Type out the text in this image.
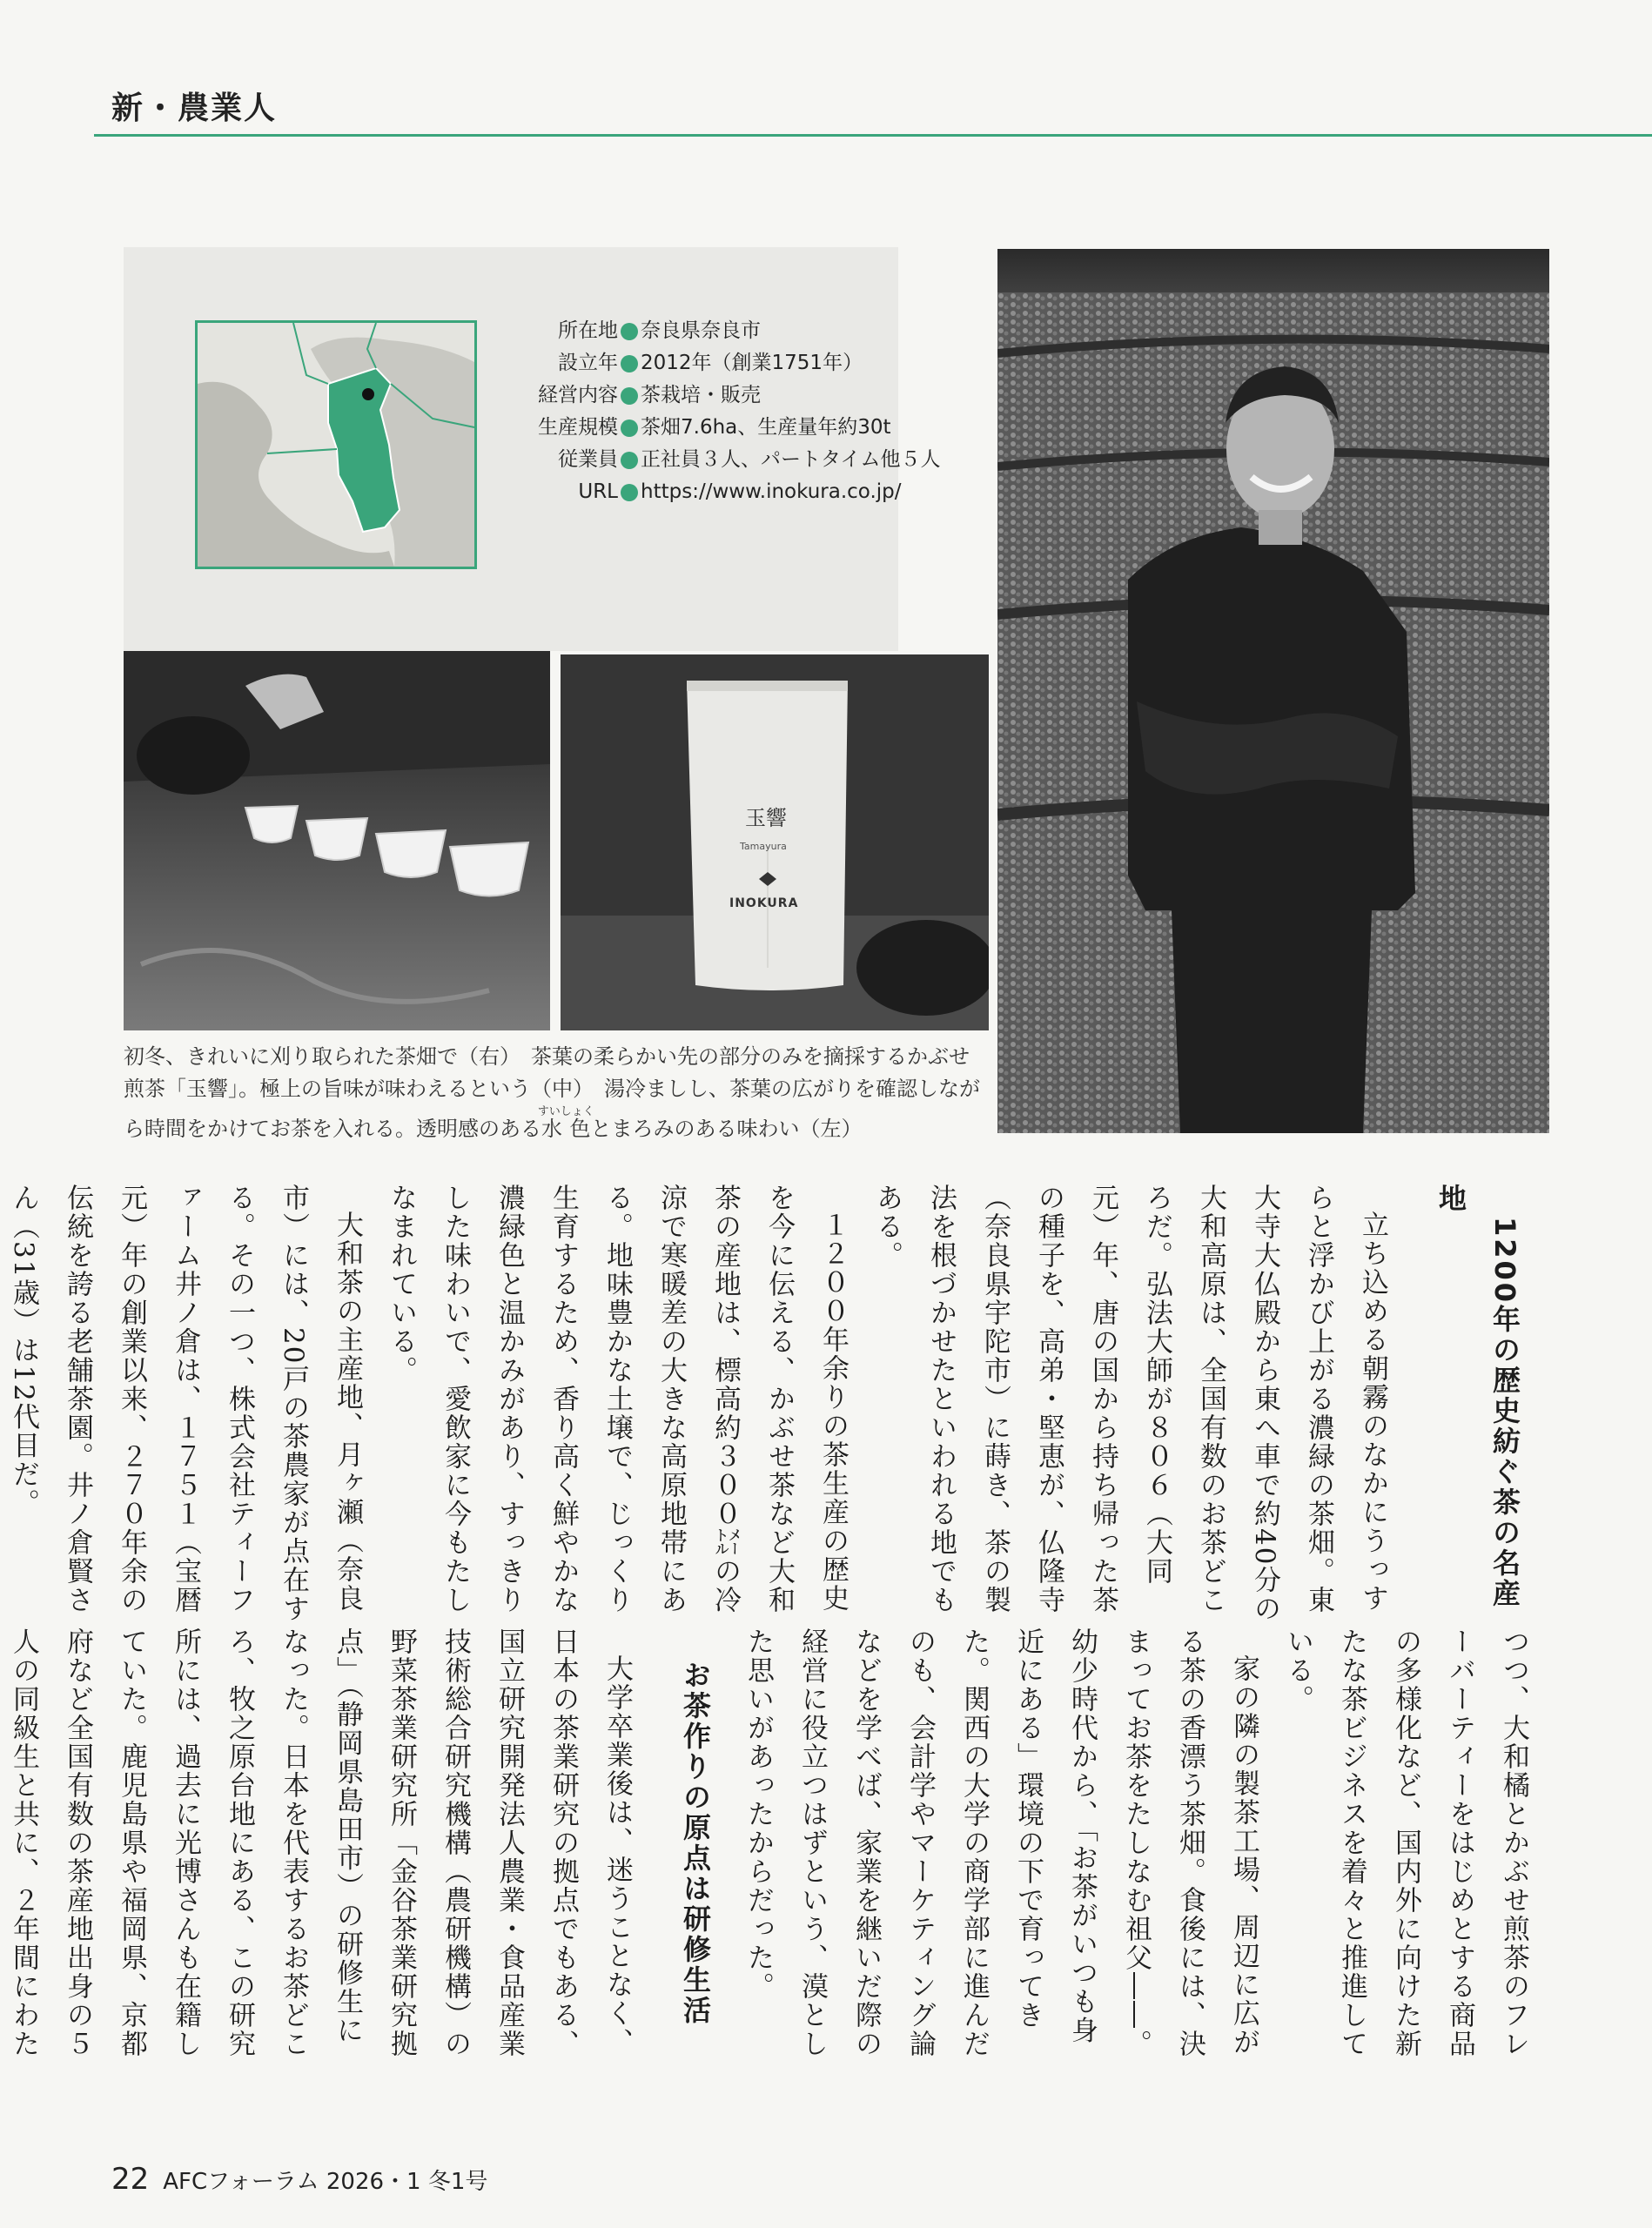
新・農業人
所在地 奈良県奈良市
設立年 2012年（創業1751年）
経営内容 茶栽培・販売
生産規模 茶畑7.6ha、生産量年約30t
従業員 正社員３人、パートタイム他５人
URL https://www.inokura.co.jp/
玉響
Tamayura
INOKURA
初冬、きれいに刈り取られた茶畑で（右）　茶葉の柔らかい先の部分のみを摘採するかぶせ
煎茶「玉響」。極上の旨味が味わえるという（中）　湯冷ましし、茶葉の広がりを確認しなが
ら時間をかけてお茶を入れる。透明感のある水色すいしょくとまろみのある味わい（左）
1200年の歴史紡ぐ茶の名産地

立ち込める朝霧のなかにうっすらと浮かび上がる濃緑の茶畑。東大寺大仏殿から東へ車で約40分の大和高原は、全国有数のお茶どころだ。弘法大師が８０６（大同元）年、唐の国から持ち帰った茶の種子を、高弟・堅恵が、仏隆寺（奈良県宇陀市）に蒔き、茶の製法を根づかせたといわれる地でもある。

１２００年余りの茶生産の歴史を今に伝える、かぶせ茶など大和茶の産地は、標高約３００㍍の冷涼で寒暖差の大きな高原地帯にある。地味豊かな土壌で、じっくり生育するため、香り高く鮮やかな濃緑色と温かみがあり、すっきりした味わいで、愛飲家に今もたしなまれている。

大和茶の主産地、月ヶ瀬（奈良市）には、20戸の茶農家が点在する。その一つ、株式会社ティーファーム井ノ倉は、１７５１（宝暦元）年の創業以来、２７０年余の伝統を誇る老舗茶園。井ノ倉賢さん（31歳）は12代目だ。

つつ、大和橘とかぶせ煎茶のフレーバーティーをはじめとする商品の多様化など、国内外に向けた新たな茶ビジネスを着々と推進している。

家の隣の製茶工場、周辺に広がる茶の香漂う茶畑。食後には、決まってお茶をたしなむ祖父――。幼少時代から、「お茶がいつも身近にある」環境の下で育ってきた。関西の大学の商学部に進んだのも、会計学やマーケティング論などを学べば、家業を継いだ際の経営に役立つはずという、漠とした思いがあったからだった。

お茶作りの原点は研修生活

大学卒業後は、迷うことなく、日本の茶業研究の拠点でもある、国立研究開発法人農業・食品産業技術総合研究機構（農研機構）の野菜茶業研究所「金谷茶業研究拠点」（静岡県島田市）の研修生になった。日本を代表するお茶どころ、牧之原台地にある、この研究所には、過去に光博さんも在籍していた。鹿児島県や福岡県、京都府など全国有数の茶産地出身の５人の同級生と共に、２年間にわた

22 AFCフォーラム 2026・1 冬1号
